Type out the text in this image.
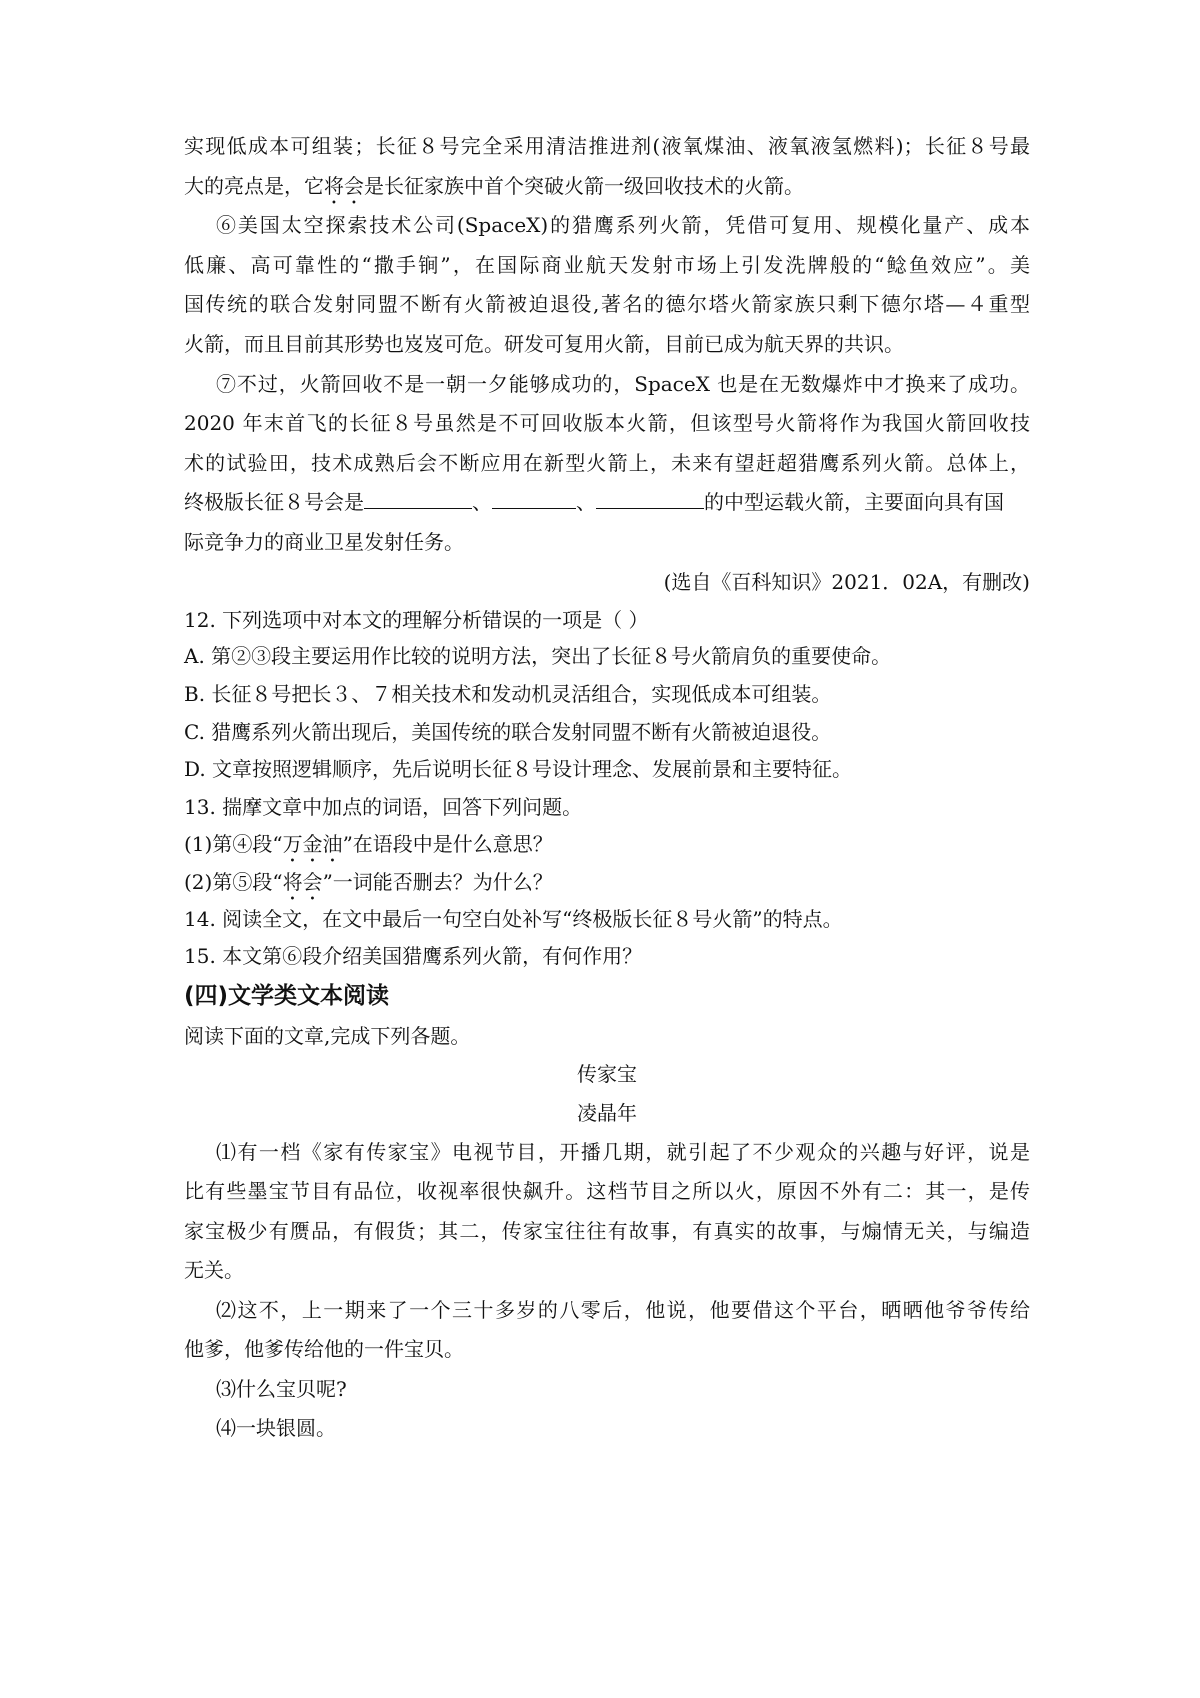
实现低成本可组装；长征８号完全采用清洁推进剂(液氧煤油、液氧液氢燃料)；长征８号最
大的亮点是，它将会是长征家族中首个突破火箭一级回收技术的火箭。
⑥美国太空探索技术公司(SpaceX)的猎鹰系列火箭，凭借可复用、规模化量产、成本
低廉、高可靠性的“撒手锏”，在国际商业航天发射市场上引发洗牌般的“鲶鱼效应”。美
国传统的联合发射同盟不断有火箭被迫退役,著名的德尔塔火箭家族只剩下德尔塔—４重型
火箭，而且目前其形势也岌岌可危。研发可复用火箭，目前已成为航天界的共识。
⑦不过，火箭回收不是一朝一夕能够成功的，SpaceX 也是在无数爆炸中才换来了成功。
2020 年末首飞的长征８号虽然是不可回收版本火箭，但该型号火箭将作为我国火箭回收技
术的试验田，技术成熟后会不断应用在新型火箭上，未来有望赶超猎鹰系列火箭。总体上，
终极版长征８号会是	、	、	的中型运载火箭，主要面向具有国
际竞争力的商业卫星发射任务。
(选自《百科知识》2021．02A，有删改)
12. 下列选项中对本文的理解分析错误的一项是（ ）
A. 第②③段主要运用作比较的说明方法，突出了长征８号火箭肩负的重要使命。
B. 长征８号把长３、７相关技术和发动机灵活组合，实现低成本可组装。
C. 猎鹰系列火箭出现后，美国传统的联合发射同盟不断有火箭被迫退役。
D. 文章按照逻辑顺序，先后说明长征８号设计理念、发展前景和主要特征。
13. 揣摩文章中加点的词语，回答下列问题。
(1)第④段“万金油”在语段中是什么意思？
(2)第⑤段“将会”一词能否删去？为什么？
14. 阅读全文，在文中最后一句空白处补写“终极版长征８号火箭”的特点。
15. 本文第⑥段介绍美国猎鹰系列火箭，有何作用？
(四)文学类文本阅读
阅读下面的文章,完成下列各题。
传家宝
凌晶年
⑴有一档《家有传家宝》电视节目，开播几期，就引起了不少观众的兴趣与好评，说是
比有些墨宝节目有品位，收视率很快飙升。这档节目之所以火，原因不外有二：其一，是传
家宝极少有赝品，有假货；其二，传家宝往往有故事，有真实的故事，与煽情无关，与编造
无关。
⑵这不，上一期来了一个三十多岁的八零后，他说，他要借这个平台，晒晒他爷爷传给
他爹，他爹传给他的一件宝贝。
⑶什么宝贝呢?
⑷一块银圆。
